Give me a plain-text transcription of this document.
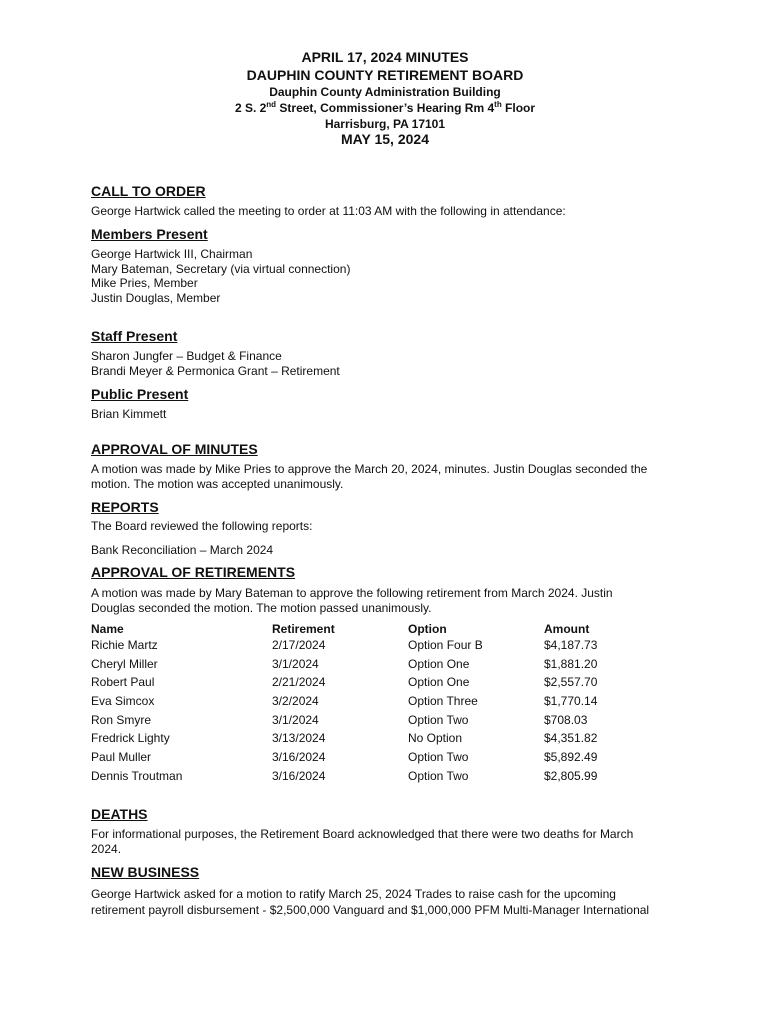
APRIL 17, 2024 MINUTES
DAUPHIN COUNTY RETIREMENT BOARD
Dauphin County Administration Building
2 S. 2nd Street, Commissioner’s Hearing Rm 4th Floor
Harrisburg, PA 17101
MAY 15, 2024
CALL TO ORDER
George Hartwick called the meeting to order at 11:03 AM with the following in attendance:
Members Present
George Hartwick III, Chairman
Mary Bateman, Secretary (via virtual connection)
Mike Pries, Member
Justin Douglas, Member
Staff Present
Sharon Jungfer – Budget & Finance
Brandi Meyer & Permonica Grant – Retirement
Public Present
Brian Kimmett
APPROVAL OF MINUTES
A motion was made by Mike Pries to approve the March 20, 2024, minutes. Justin Douglas seconded the
motion. The motion was accepted unanimously.
REPORTS
The Board reviewed the following reports:
Bank Reconciliation – March 2024
APPROVAL OF RETIREMENTS
A motion was made by Mary Bateman to approve the following retirement from March 2024. Justin
Douglas seconded the motion. The motion passed unanimously.
Name	Retirement	Option	Amount
Richie Martz	2/17/2024	Option Four B	$4,187.73
Cheryl Miller	3/1/2024	Option One	$1,881.20
Robert Paul	2/21/2024	Option One	$2,557.70
Eva Simcox	3/2/2024	Option Three	$1,770.14
Ron Smyre	3/1/2024	Option Two	$708.03
Fredrick Lighty	3/13/2024	No Option	$4,351.82
Paul Muller	3/16/2024	Option Two	$5,892.49
Dennis Troutman	3/16/2024	Option Two	$2,805.99
DEATHS
For informational purposes, the Retirement Board acknowledged that there were two deaths for March
2024.
NEW BUSINESS
George Hartwick asked for a motion to ratify March 25, 2024 Trades to raise cash for the upcoming
retirement payroll disbursement - $2,500,000 Vanguard and $1,000,000 PFM Multi-Manager International
